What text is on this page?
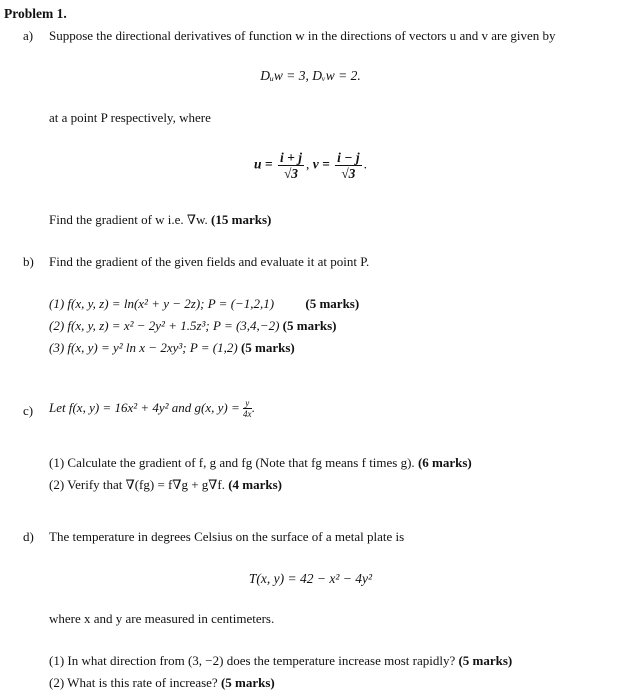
Problem 1.
a) Suppose the directional derivatives of function w in the directions of vectors u and v are given by
Dᵤw = 3, Dᵥw = 2.
at a point P respectively, where
$u = \frac{i + j}{√3}$ , $v = \frac{i - j}{√3}$ .
Find the gradient of w i.e. ∇w. (15 marks)
b) Find the gradient of the given fields and evaluate it at point P.
(1) f(x, y, z) = ln(x² + y − 2z); P = (−1,2,1) (5 marks)
(2) f(x, y, z) = x² − 2y² + 1.5z³; P = (3,4,−2) (5 marks)
(3) f(x, y) = y² ln x − 2xy³; P = (1,2) (5 marks)
c) Let f(x, y) = 16x² + 4y² and g(x, $y) = \frac{y}{4x}$ .
(1) Calculate the gradient of f, g and fg (Note that fg means f times g). (6 marks)
(2) Verify that ∇(fg) = f∇g + g∇f. (4 marks)
d) The temperature in degrees Celsius on the surface of a metal plate is
T(x, y) = 42 − x² − 4y²
where x and y are measured in centimeters.
(1) In what direction from (3, −2) does the temperature increase most rapidly? (5 marks)
(2) What is this rate of increase? (5 marks)
